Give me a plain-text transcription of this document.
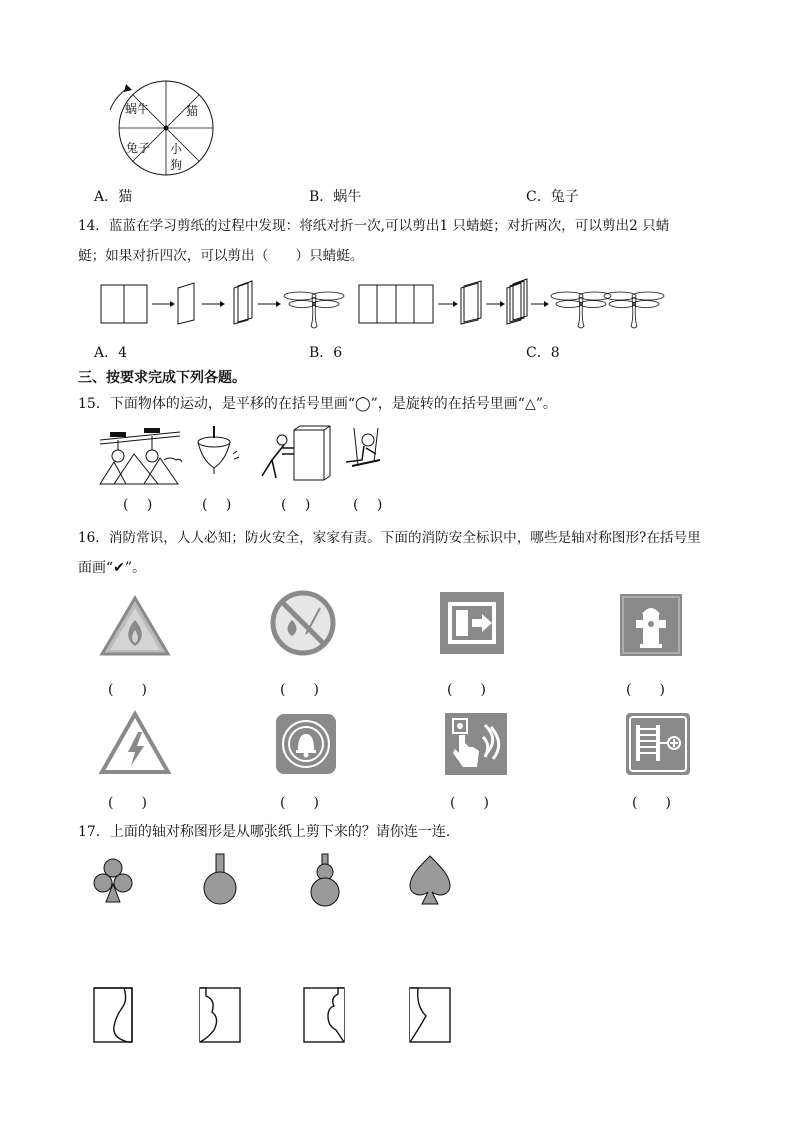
蜗牛	猫
兔子 小
狗
A．猫	B．蜗牛	C．兔子
14．蓝蓝在学习剪纸的过程中发现：将纸对折一次,可以剪出1 只蜻蜓；对折两次，可以剪出2 只蜻
蜓；如果对折四次，可以剪出（　　）只蜻蜓。
A．4	B．6	C．8
三、按要求完成下列各题。
15．下面物体的运动，是平移的在括号里画“◯”，是旋转的在括号里画“△”。
(　 )	(　 )	(　 )	(　 )
16．消防常识，人人必知；防火安全，家家有责。下面的消防安全标识中，哪些是轴对称图形?在括号里
面画“✔”。
(　　)	(　　)	(　　)	(　　)
(　　)	(　　)	(　　)	(　　)
17．上面的轴对称图形是从哪张纸上剪下来的？请你连一连．
